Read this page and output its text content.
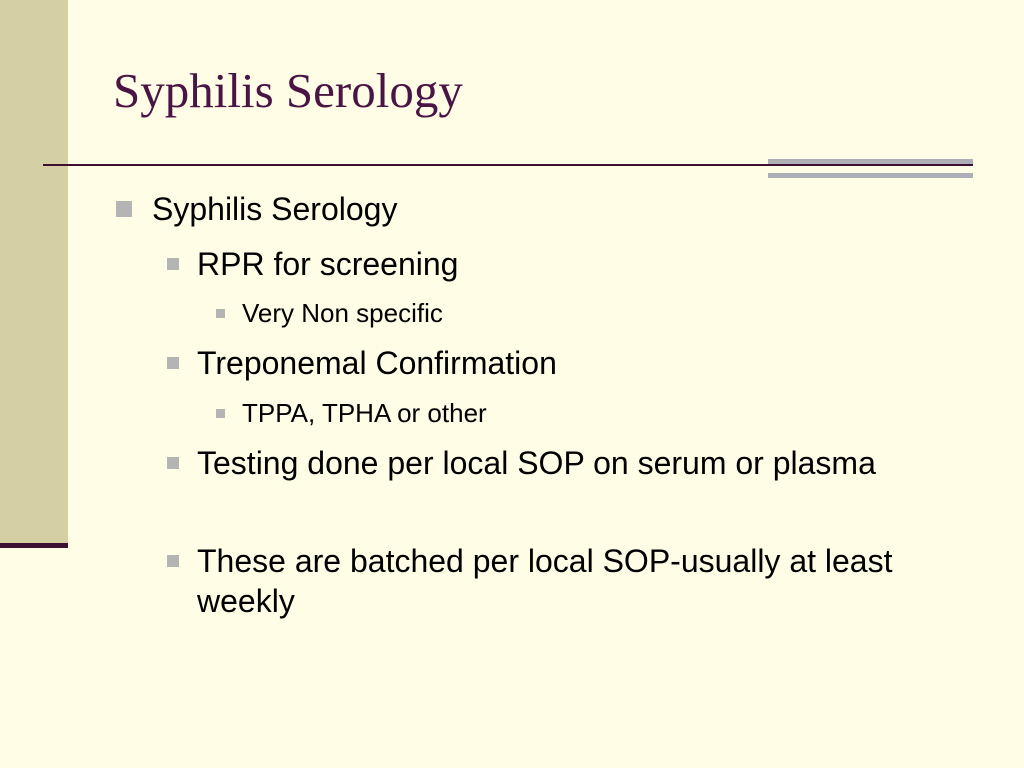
Syphilis Serology
Syphilis Serology
RPR for screening
Very Non specific
Treponemal Confirmation
TPPA, TPHA or other
Testing done per local SOP on serum or plasma
These are batched per local SOP-usually at least weekly
